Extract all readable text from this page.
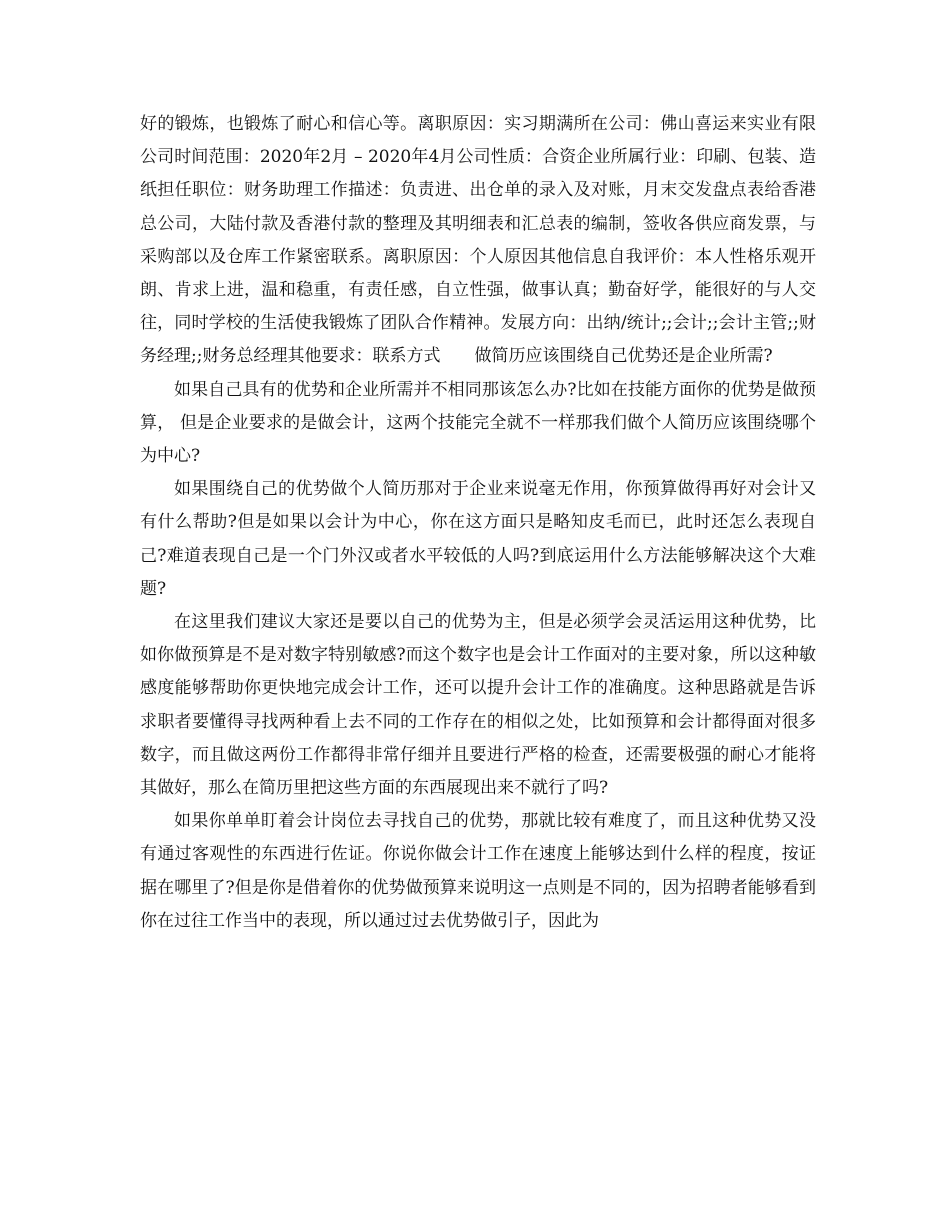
好的锻炼，也锻炼了耐心和信心等。离职原因：实习期满所在公司：佛山喜运来实业有限公司时间范围：2020年2月 – 2020年4月公司性质：合资企业所属行业：印刷、包装、造纸担任职位：财务助理工作描述：负责进、出仓单的录入及对账，月末交发盘点表给香港总公司，大陆付款及香港付款的整理及其明细表和汇总表的编制，签收各供应商发票，与采购部以及仓库工作紧密联系。离职原因：个人原因其他信息自我评价：本人性格乐观开朗、肯求上进，温和稳重，有责任感，自立性强，做事认真；勤奋好学，能很好的与人交往，同时学校的生活使我锻炼了团队合作精神。发展方向：出纳/统计;;会计;;会计主管;;财务经理;;财务总经理其他要求：联系方式 做简历应该围绕自己优势还是企业所需?

如果自己具有的优势和企业所需并不相同那该怎么办?比如在技能方面你的优势是做预算， 但是企业要求的是做会计，这两个技能完全就不一样那我们做个人简历应该围绕哪个为中心?

如果围绕自己的优势做个人简历那对于企业来说毫无作用，你预算做得再好对会计又有什么帮助?但是如果以会计为中心，你在这方面只是略知皮毛而已，此时还怎么表现自己?难道表现自己是一个门外汉或者水平较低的人吗?到底运用什么方法能够解决这个大难题?

在这里我们建议大家还是要以自己的优势为主，但是必须学会灵活运用这种优势，比如你做预算是不是对数字特别敏感?而这个数字也是会计工作面对的主要对象，所以这种敏感度能够帮助你更快地完成会计工作，还可以提升会计工作的准确度。这种思路就是告诉求职者要懂得寻找两种看上去不同的工作存在的相似之处，比如预算和会计都得面对很多数字，而且做这两份工作都得非常仔细并且要进行严格的检查，还需要极强的耐心才能将其做好，那么在简历里把这些方面的东西展现出来不就行了吗?

如果你单单盯着会计岗位去寻找自己的优势，那就比较有难度了，而且这种优势又没有通过客观性的东西进行佐证。你说你做会计工作在速度上能够达到什么样的程度，按证据在哪里了?但是你是借着你的优势做预算来说明这一点则是不同的，因为招聘者能够看到你在过往工作当中的表现，所以通过过去优势做引子，因此为
